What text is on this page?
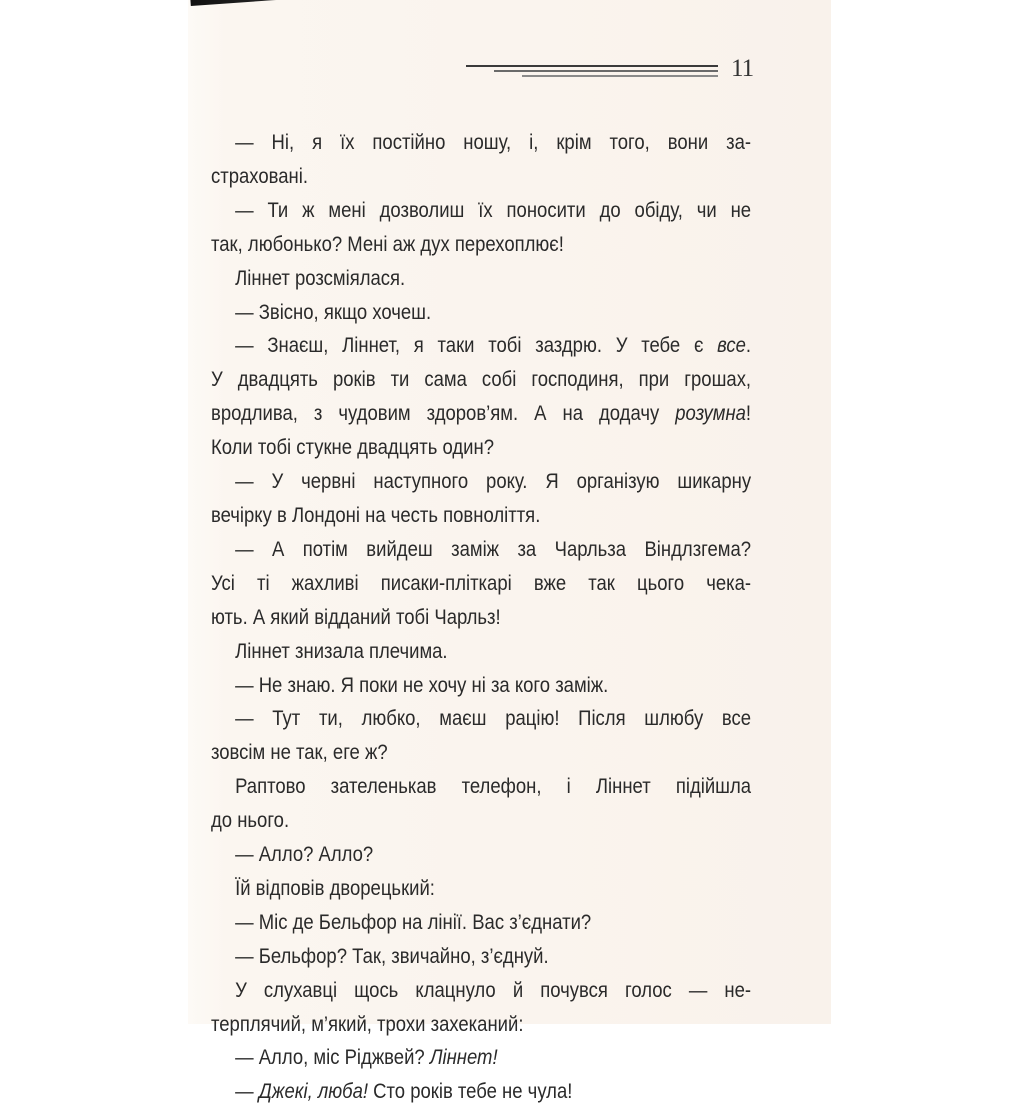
11
— Ні, я їх постійно ношу, і, крім того, вони за-
страховані.
— Ти ж мені дозволиш їх поносити до обіду, чи не
так, любонько? Мені аж дух перехоплює!
Ліннет розсміялася.
— Звісно, якщо хочеш.
— Знаєш, Ліннет, я таки тобі заздрю. У тебе є все.
У двадцять років ти сама собі господиня, при грошах,
вродлива, з чудовим здоров’ям. А на додачу розумна!
Коли тобі стукне двадцять один?
— У червні наступного року. Я організую шикарну
вечірку в Лондоні на честь повноліття.
— А потім вийдеш заміж за Чарльза Віндлзгема?
Усі ті жахливі писаки-пліткарі вже так цього чека-
ють. А який відданий тобі Чарльз!
Ліннет знизала плечима.
— Не знаю. Я поки не хочу ні за кого заміж.
— Тут ти, любко, маєш рацію! Після шлюбу все
зовсім не так, еге ж?
Раптово зателенькав телефон, і Ліннет підійшла
до нього.
— Алло? Алло?
Їй відповів дворецький:
— Міс де Бельфор на лінії. Вас з’єднати?
— Бельфор? Так, звичайно, з’єднуй.
У слухавці щось клацнуло й почувся голос — не-
терплячий, м’який, трохи захеканий:
— Алло, міс Ріджвей? Ліннет!
— Джекі, люба! Сто років тебе не чула!
